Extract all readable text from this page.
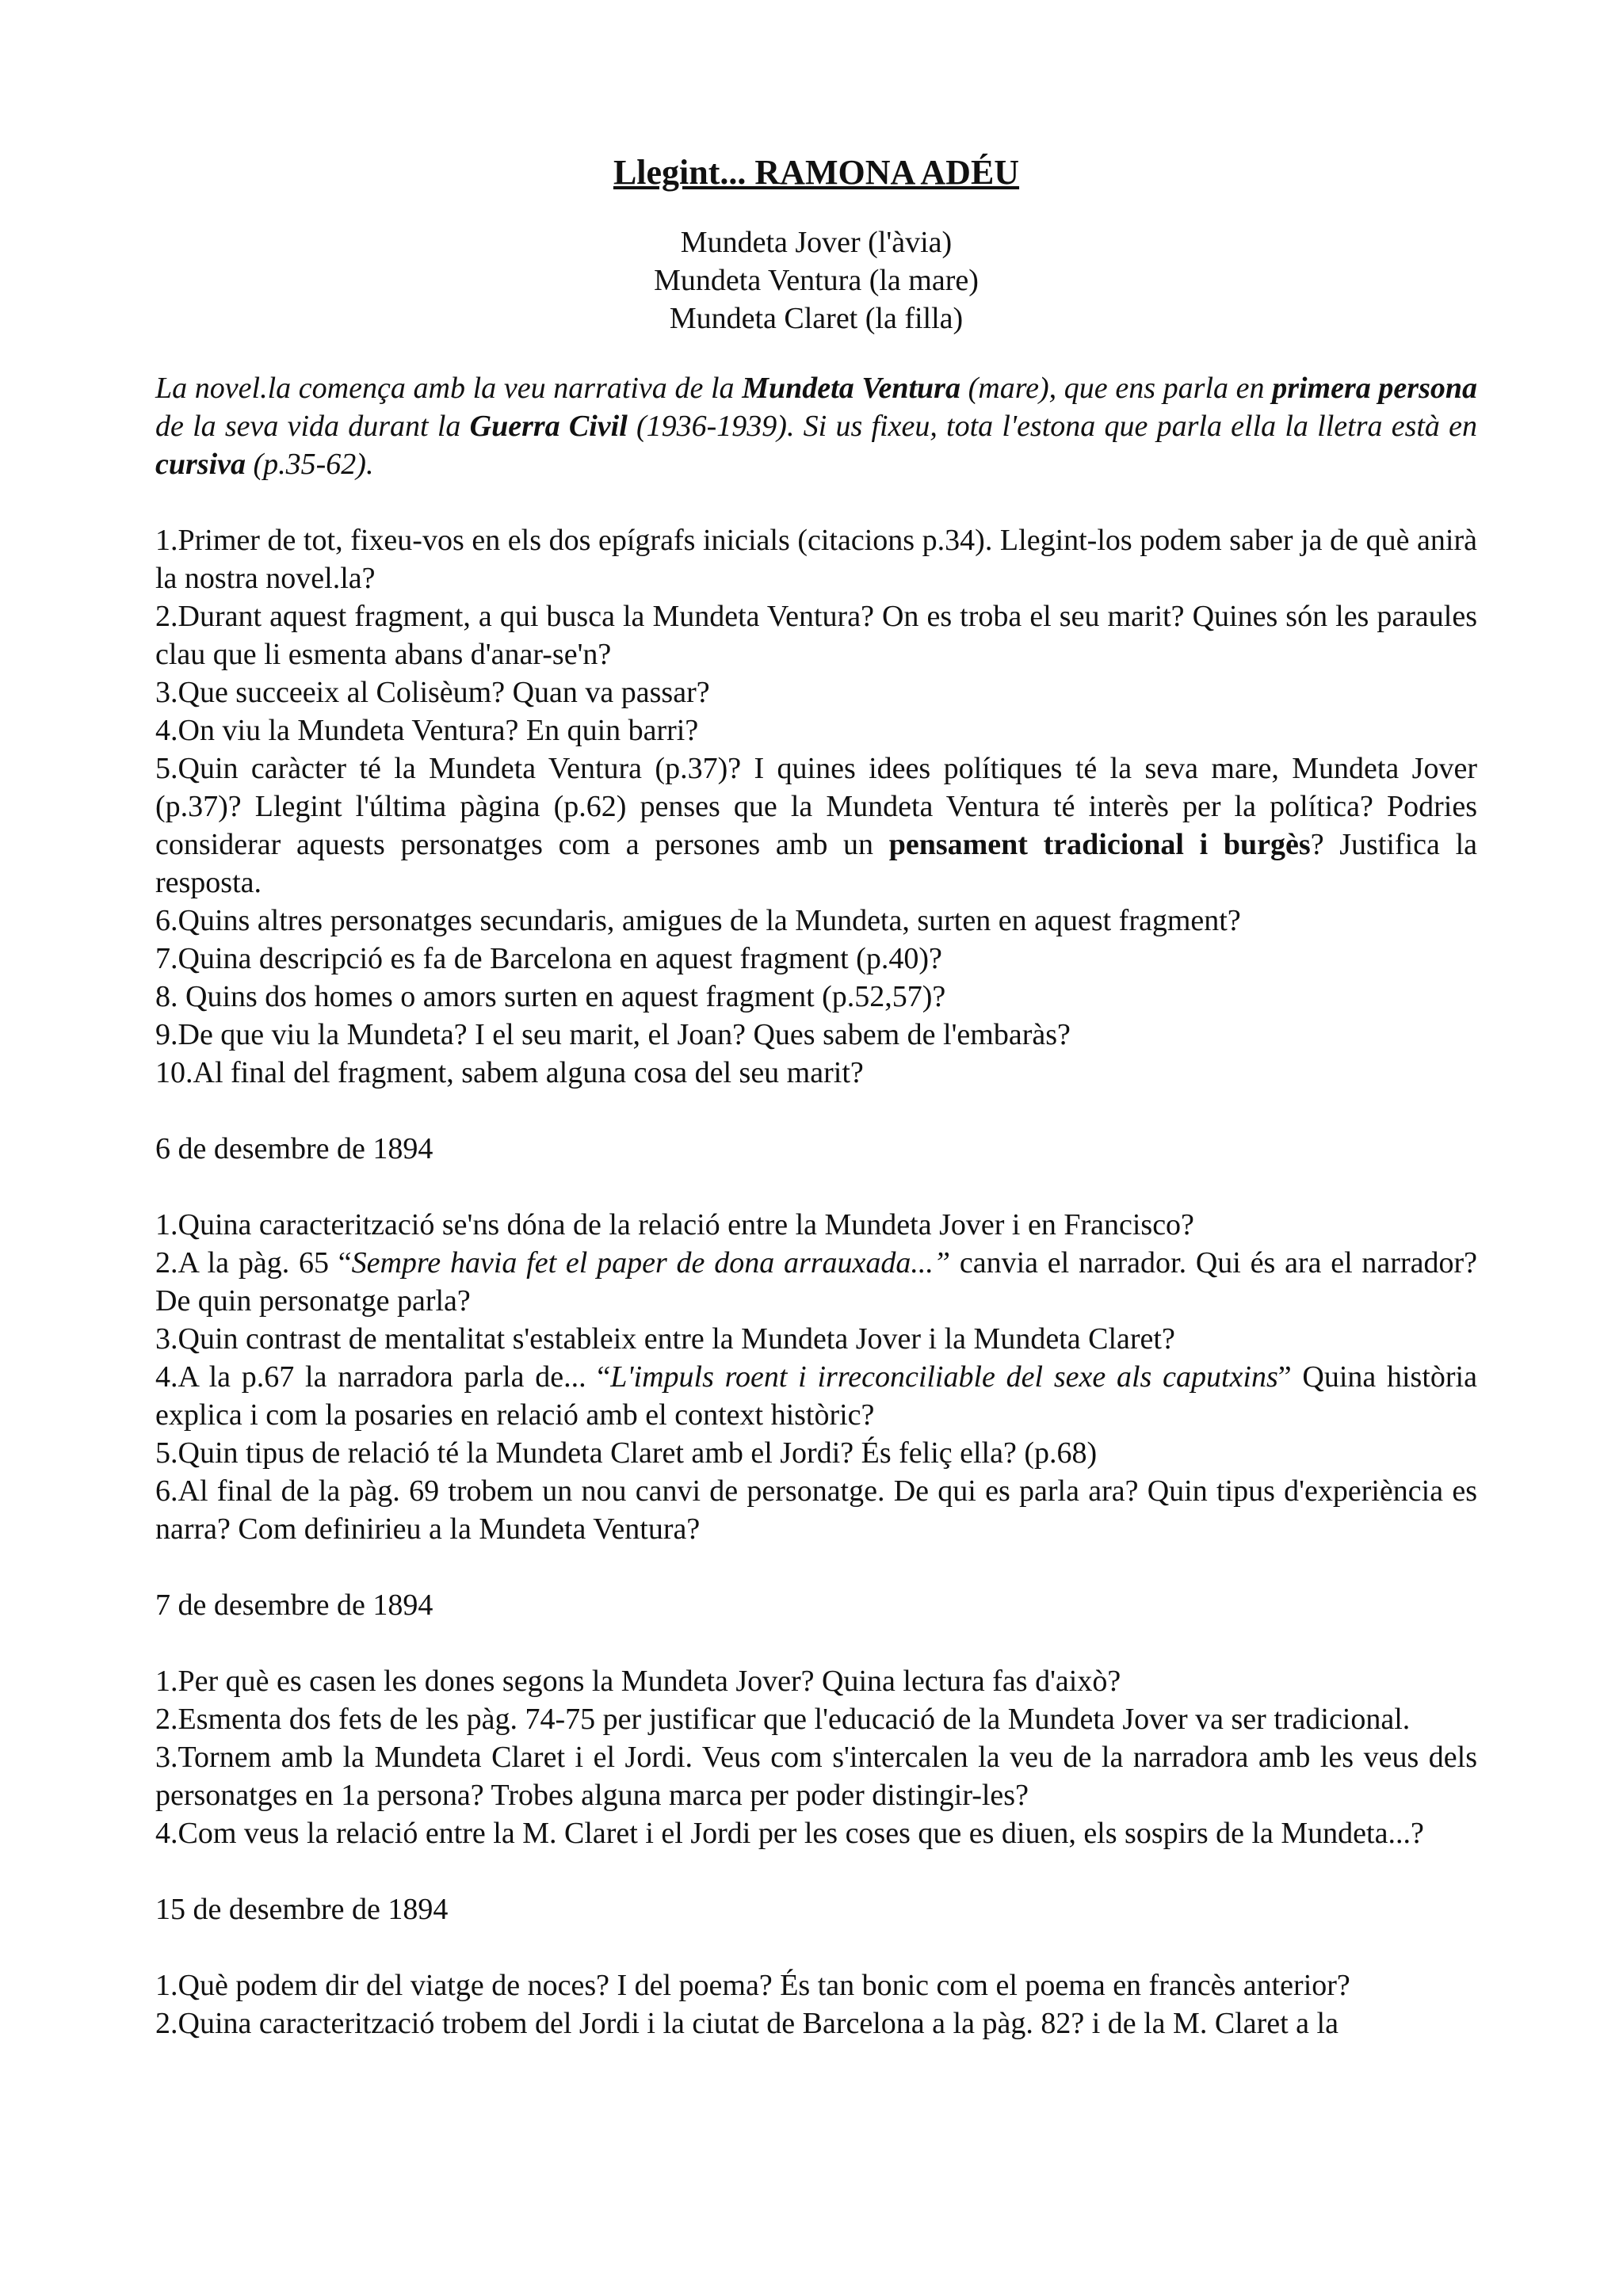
Llegint... RAMONA ADÉU
Mundeta Jover (l'àvia)
Mundeta Ventura (la mare)
Mundeta Claret (la filla)

La novel.la comença amb la veu narrativa de la Mundeta Ventura (mare), que ens parla en primera persona de la seva vida durant la Guerra Civil (1936-1939). Si us fixeu, tota l'estona que parla ella la lletra està en cursiva (p.35-62).

1.Primer de tot, fixeu-vos en els dos epígrafs inicials (citacions p.34). Llegint-los podem saber ja de què anirà la nostra novel.la?

2.Durant aquest fragment, a qui busca la Mundeta Ventura? On es troba el seu marit? Quines són les paraules clau que li esmenta abans d'anar-se'n?

3.Que succeeix al Colisèum? Quan va passar?

4.On viu la Mundeta Ventura? En quin barri?

5.Quin caràcter té la Mundeta Ventura (p.37)? I quines idees polítiques té la seva mare, Mundeta Jover (p.37)? Llegint l'última pàgina (p.62) penses que la Mundeta Ventura té interès per la política? Podries considerar aquests personatges com a persones amb un pensament tradicional i burgès? Justifica la resposta.

6.Quins altres personatges secundaris, amigues de la Mundeta, surten en aquest fragment?

7.Quina descripció es fa de Barcelona en aquest fragment (p.40)?

8. Quins dos homes o amors surten en aquest fragment (p.52,57)?

9.De que viu la Mundeta? I el seu marit, el Joan? Ques sabem de l'embaràs?

10.Al final del fragment, sabem alguna cosa del seu marit?

6 de desembre de 1894

1.Quina caracterització se'ns dóna de la relació entre la Mundeta Jover i en Francisco?

2.A la pàg. 65 “Sempre havia fet el paper de dona arrauxada...” canvia el narrador. Qui és ara el narrador? De quin personatge parla?

3.Quin contrast de mentalitat s'estableix entre la Mundeta Jover i la Mundeta Claret?

4.A la p.67 la narradora parla de... “L'impuls roent i irreconciliable del sexe als caputxins” Quina història explica i com la posaries en relació amb el context històric?

5.Quin tipus de relació té la Mundeta Claret amb el Jordi? És feliç ella? (p.68)

6.Al final de la pàg. 69 trobem un nou canvi de personatge. De qui es parla ara? Quin tipus d'experiència es narra? Com definirieu a la Mundeta Ventura?

7 de desembre de 1894

1.Per què es casen les dones segons la Mundeta Jover? Quina lectura fas d'això?

2.Esmenta dos fets de les pàg. 74-75 per justificar que l'educació de la Mundeta Jover va ser tradicional.

3.Tornem amb la Mundeta Claret i el Jordi. Veus com s'intercalen la veu de la narradora amb les veus dels personatges en 1a persona? Trobes alguna marca per poder distingir-les?

4.Com veus la relació entre la M. Claret i el Jordi per les coses que es diuen, els sospirs de la Mundeta...?

15 de desembre de 1894

1.Què podem dir del viatge de noces? I del poema? És tan bonic com el poema en francès anterior?

2.Quina caracterització trobem del Jordi i la ciutat de Barcelona a la pàg. 82? i de la M. Claret a la
